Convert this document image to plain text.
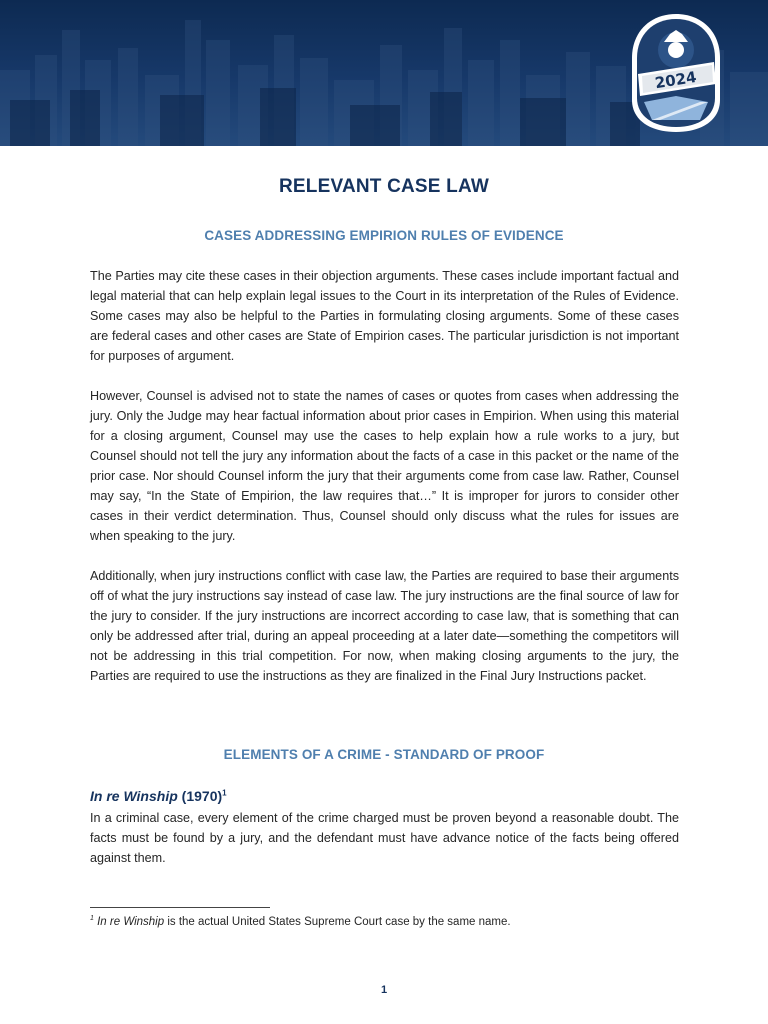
2024
RELEVANT CASE LAW
CASES ADDRESSING EMPIRION RULES OF EVIDENCE

The Parties may cite these cases in their objection arguments. These cases include important factual and legal material that can help explain legal issues to the Court in its interpretation of the Rules of Evidence. Some cases may also be helpful to the Parties in formulating closing arguments. Some of these cases are federal cases and other cases are State of Empirion cases. The particular jurisdiction is not important for purposes of argument.

However, Counsel is advised not to state the names of cases or quotes from cases when addressing the jury. Only the Judge may hear factual information about prior cases in Empirion. When using this material for a closing argument, Counsel may use the cases to help explain how a rule works to a jury, but Counsel should not tell the jury any information about the facts of a case in this packet or the name of the prior case. Nor should Counsel inform the jury that their arguments come from case law. Rather, Counsel may say, “In the State of Empirion, the law requires that…” It is improper for jurors to consider other cases in their verdict determination. Thus, Counsel should only discuss what the rules for issues are when speaking to the jury.

Additionally, when jury instructions conflict with case law, the Parties are required to base their arguments off of what the jury instructions say instead of case law. The jury instructions are the final source of law for the jury to consider. If the jury instructions are incorrect according to case law, that is something that can only be addressed after trial, during an appeal proceeding at a later date—something the competitors will not be addressing in this trial competition. For now, when making closing arguments to the jury, the Parties are required to use the instructions as they are finalized in the Final Jury Instructions packet.

ELEMENTS OF A CRIME - STANDARD OF PROOF
In re Winship $(1970)^1$

In a criminal case, every element of the crime charged must be proven beyond a reasonable doubt. The facts must be found by a jury, and the defendant must have advance notice of the facts being offered against them.

$^1$ In re Winship is the actual United States Supreme Court case by the same name.
1
